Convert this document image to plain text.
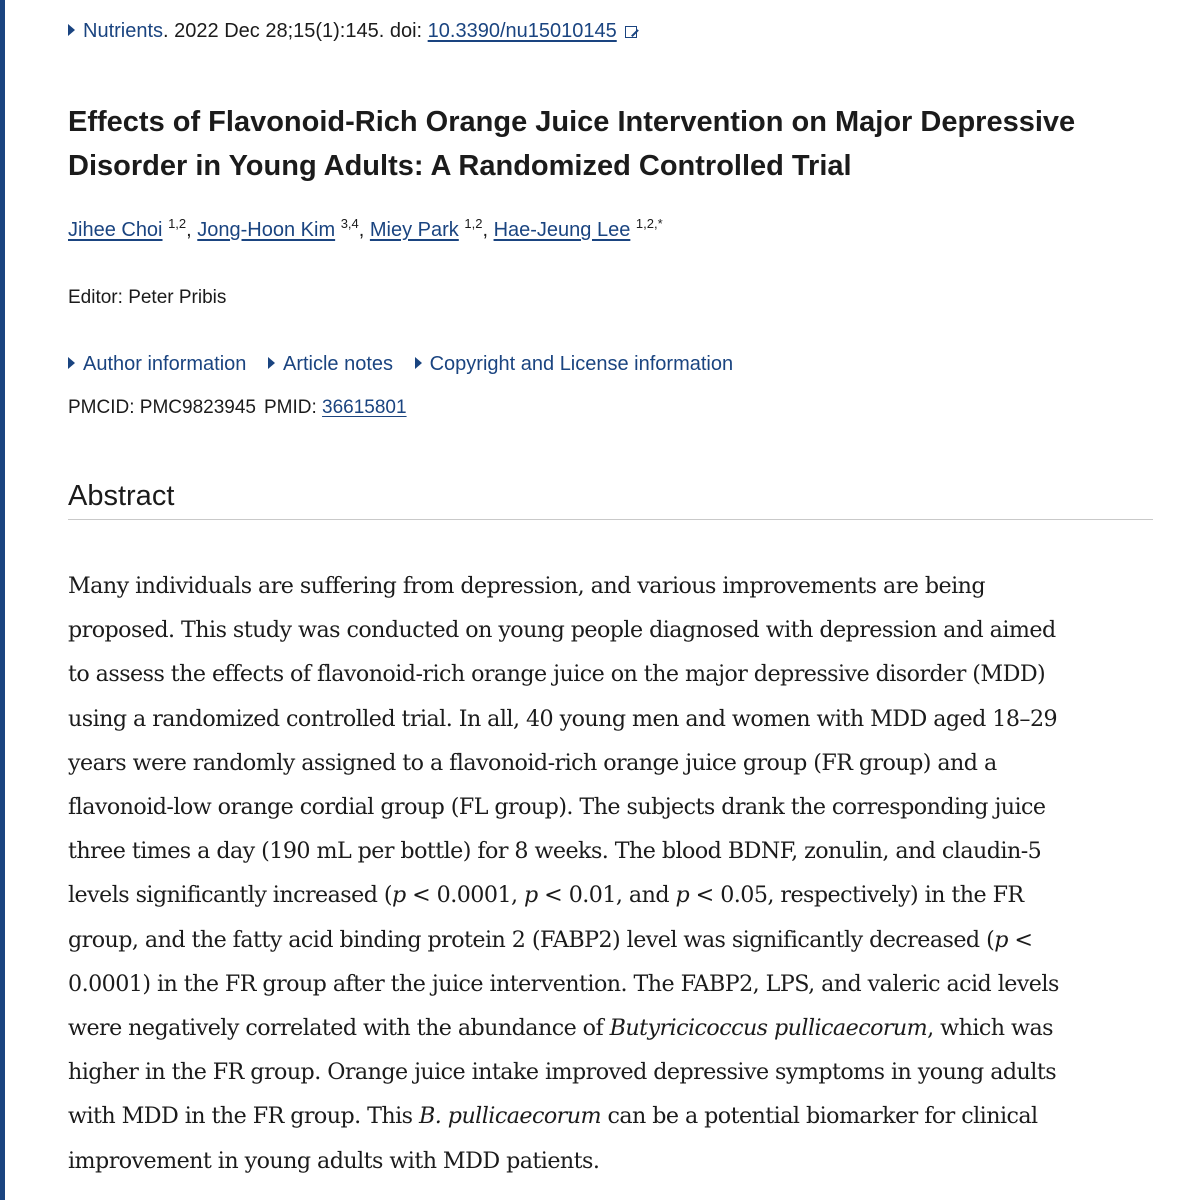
Nutrients. 2022 Dec 28;15(1):145. doi: 10.3390/nu15010145
Effects of Flavonoid-Rich Orange Juice Intervention on Major Depressive Disorder in Young Adults: A Randomized Controlled Trial
Jihee Choi $^{1,2}$, Jong-Hoon Kim $^{3,4}$, Miey Park $^{1,2}$, Hae-Jeung Lee $^{1,2,*}$
Editor: Peter Pribis
Author information Article notes Copyright and License information
PMCID: PMC9823945 PMID: 36615801
Abstract

Many individuals are suffering from depression, and various improvements are being
proposed. This study was conducted on young people diagnosed with depression and aimed
to assess the effects of flavonoid-rich orange juice on the major depressive disorder (MDD)
using a randomized controlled trial. In all, 40 young men and women with MDD aged 18–29
years were randomly assigned to a flavonoid-rich orange juice group (FR group) and a
flavonoid-low orange cordial group (FL group). The subjects drank the corresponding juice
three times a day (190 mL per bottle) for 8 weeks. The blood BDNF, zonulin, and claudin-5
levels significantly increased (p < 0.0001, p < 0.01, and p < 0.05, respectively) in the FR
group, and the fatty acid binding protein 2 (FABP2) level was significantly decreased (p <
0.0001) in the FR group after the juice intervention. The FABP2, LPS, and valeric acid levels
were negatively correlated with the abundance of Butyricicoccus pullicaecorum, which was
higher in the FR group. Orange juice intake improved depressive symptoms in young adults
with MDD in the FR group. This B. pullicaecorum can be a potential biomarker for clinical
improvement in young adults with MDD patients.
